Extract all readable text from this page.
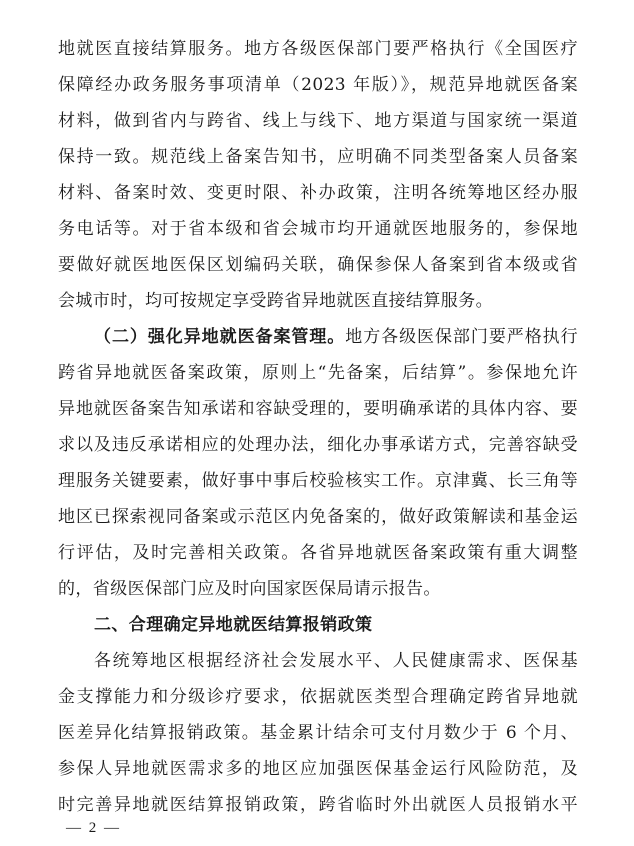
地就医直接结算服务。地方各级医保部门要严格执行《全国医疗
保障经办政务服务事项清单（2023 年版）》，规范异地就医备案
材料，做到省内与跨省、线上与线下、地方渠道与国家统一渠道
保持一致。规范线上备案告知书，应明确不同类型备案人员备案
材料、备案时效、变更时限、补办政策，注明各统筹地区经办服
务电话等。对于省本级和省会城市均开通就医地服务的，参保地
要做好就医地医保区划编码关联，确保参保人备案到省本级或省
会城市时，均可按规定享受跨省异地就医直接结算服务。
（二）强化异地就医备案管理。地方各级医保部门要严格执行
跨省异地就医备案政策，原则上“先备案，后结算”。参保地允许
异地就医备案告知承诺和容缺受理的，要明确承诺的具体内容、要
求以及违反承诺相应的处理办法，细化办事承诺方式，完善容缺受
理服务关键要素，做好事中事后校验核实工作。京津冀、长三角等
地区已探索视同备案或示范区内免备案的，做好政策解读和基金运
行评估，及时完善相关政策。各省异地就医备案政策有重大调整
的，省级医保部门应及时向国家医保局请示报告。
二、合理确定异地就医结算报销政策
各统筹地区根据经济社会发展水平、人民健康需求、医保基
金支撑能力和分级诊疗要求，依据就医类型合理确定跨省异地就
医差异化结算报销政策。基金累计结余可支付月数少于 6 个月、
参保人异地就医需求多的地区应加强医保基金运行风险防范，及
时完善异地就医结算报销政策，跨省临时外出就医人员报销水平
— 2 —
